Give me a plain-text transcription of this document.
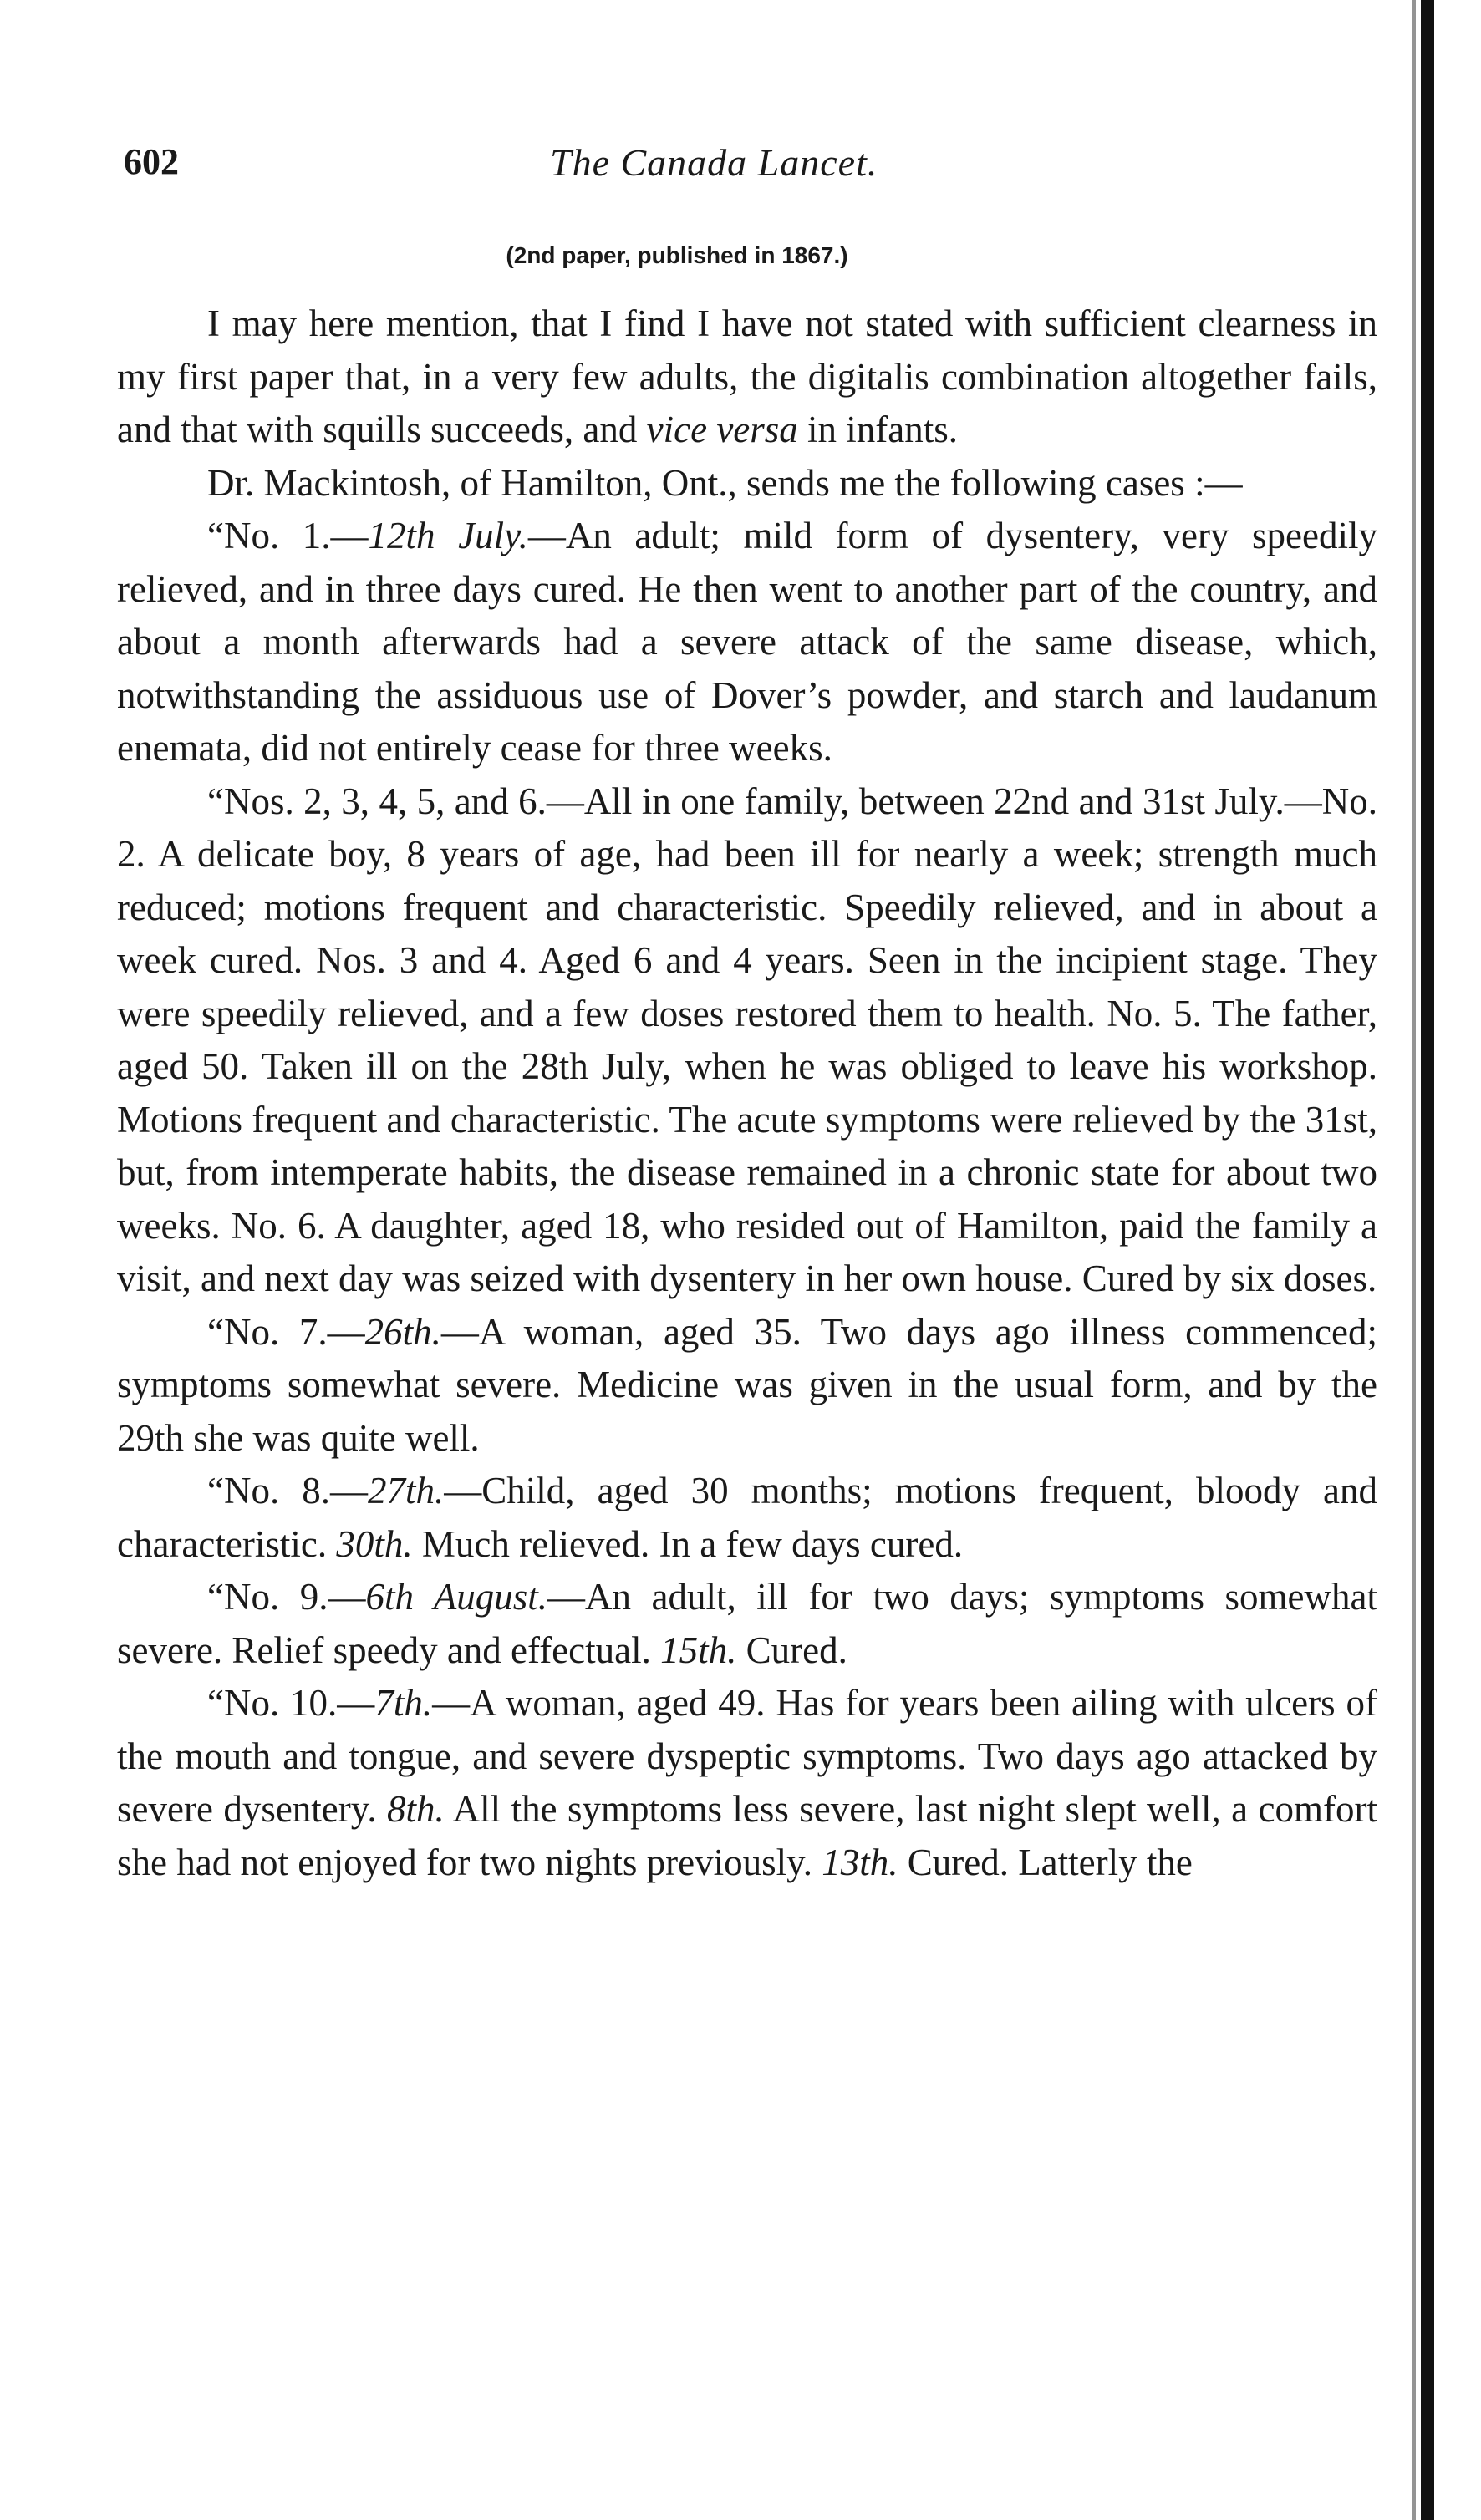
602	The Canada Lancet.
(2nd paper, published in 1867.)

I may here mention, that I find I have not stated with sufficient clearness in my first paper that, in a very few adults, the digitalis combination altogether fails, and that with squills succeeds, and vice versa in infants.

Dr. Mackintosh, of Hamilton, Ont., sends me the following cases :—

“No. 1.—12th July.—An adult; mild form of dysentery, very speedily relieved, and in three days cured. He then went to another part of the country, and about a month afterwards had a severe attack of the same disease, which, notwithstanding the assiduous use of Dover’s powder, and starch and laudanum enemata, did not entirely cease for three weeks.

“Nos. 2, 3, 4, 5, and 6.—All in one family, between 22nd and 31st July.—No. 2. A delicate boy, 8 years of age, had been ill for nearly a week; strength much reduced; motions frequent and characteristic. Speedily relieved, and in about a week cured. Nos. 3 and 4. Aged 6 and 4 years. Seen in the incipient stage. They were speedily relieved, and a few doses restored them to health. No. 5. The father, aged 50. Taken ill on the 28th July, when he was obliged to leave his workshop. Motions frequent and characteristic. The acute symptoms were relieved by the 31st, but, from intemperate habits, the disease remained in a chronic state for about two weeks. No. 6. A daughter, aged 18, who resided out of Hamilton, paid the family a visit, and next day was seized with dysentery in her own house. Cured by six doses.

“No. 7.—26th.—A woman, aged 35. Two days ago illness commenced; symptoms somewhat severe. Medicine was given in the usual form, and by the 29th she was quite well.

“No. 8.—27th.—Child, aged 30 months; motions frequent, bloody and characteristic. 30th. Much relieved. In a few days cured.

“No. 9.—6th August.—An adult, ill for two days; symptoms somewhat severe. Relief speedy and effectual. 15th. Cured.

“No. 10.—7th.—A woman, aged 49. Has for years been ailing with ulcers of the mouth and tongue, and severe dyspeptic symptoms. Two days ago attacked by severe dysentery. 8th. All the symptoms less severe, last night slept well, a comfort she had not enjoyed for two nights previously. 13th. Cured. Latterly the
